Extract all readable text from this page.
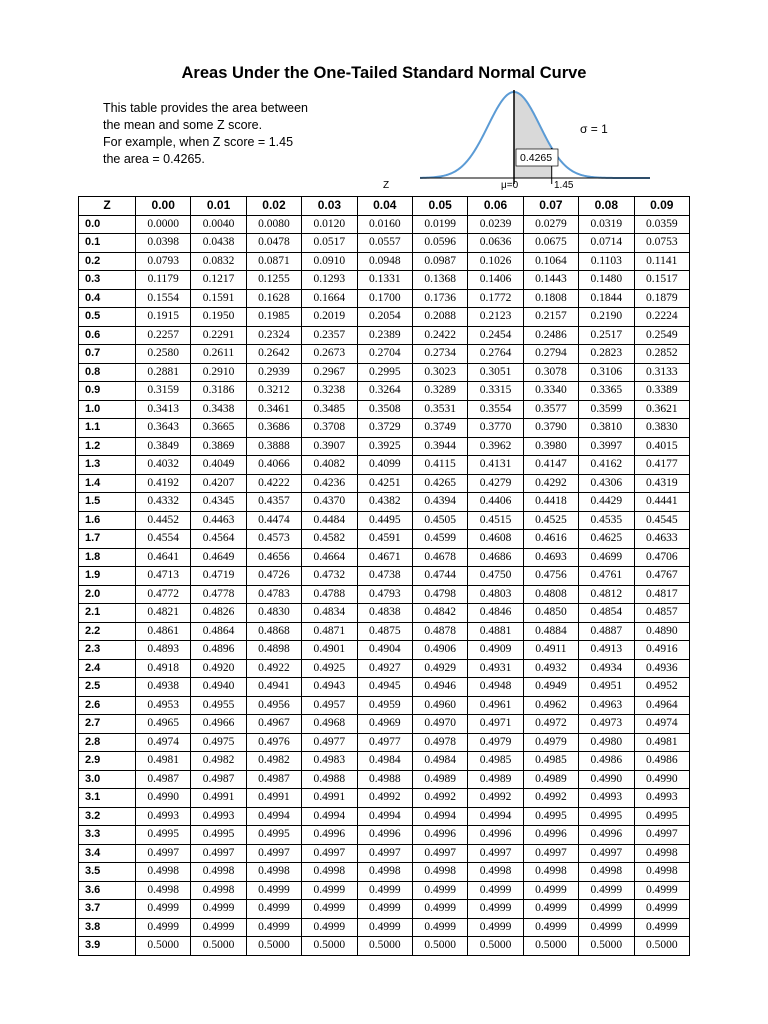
Areas Under the One-Tailed Standard Normal Curve
This table provides the area between
the mean and some Z score.
For example, when Z score = 1.45
the area = 0.4265.
σ = 1
0.4265
Z	μ=0	1.45
Z	0.00	0.01	0.02	0.03	0.04	0.05	0.06	0.07	0.08	0.09
0.0	0.0000	0.0040	0.0080	0.0120	0.0160	0.0199	0.0239	0.0279	0.0319	0.0359
0.1	0.0398	0.0438	0.0478	0.0517	0.0557	0.0596	0.0636	0.0675	0.0714	0.0753
0.2	0.0793	0.0832	0.0871	0.0910	0.0948	0.0987	0.1026	0.1064	0.1103	0.1141
0.3	0.1179	0.1217	0.1255	0.1293	0.1331	0.1368	0.1406	0.1443	0.1480	0.1517
0.4	0.1554	0.1591	0.1628	0.1664	0.1700	0.1736	0.1772	0.1808	0.1844	0.1879
0.5	0.1915	0.1950	0.1985	0.2019	0.2054	0.2088	0.2123	0.2157	0.2190	0.2224
0.6	0.2257	0.2291	0.2324	0.2357	0.2389	0.2422	0.2454	0.2486	0.2517	0.2549
0.7	0.2580	0.2611	0.2642	0.2673	0.2704	0.2734	0.2764	0.2794	0.2823	0.2852
0.8	0.2881	0.2910	0.2939	0.2967	0.2995	0.3023	0.3051	0.3078	0.3106	0.3133
0.9	0.3159	0.3186	0.3212	0.3238	0.3264	0.3289	0.3315	0.3340	0.3365	0.3389
1.0	0.3413	0.3438	0.3461	0.3485	0.3508	0.3531	0.3554	0.3577	0.3599	0.3621
1.1	0.3643	0.3665	0.3686	0.3708	0.3729	0.3749	0.3770	0.3790	0.3810	0.3830
1.2	0.3849	0.3869	0.3888	0.3907	0.3925	0.3944	0.3962	0.3980	0.3997	0.4015
1.3	0.4032	0.4049	0.4066	0.4082	0.4099	0.4115	0.4131	0.4147	0.4162	0.4177
1.4	0.4192	0.4207	0.4222	0.4236	0.4251	0.4265	0.4279	0.4292	0.4306	0.4319
1.5	0.4332	0.4345	0.4357	0.4370	0.4382	0.4394	0.4406	0.4418	0.4429	0.4441
1.6	0.4452	0.4463	0.4474	0.4484	0.4495	0.4505	0.4515	0.4525	0.4535	0.4545
1.7	0.4554	0.4564	0.4573	0.4582	0.4591	0.4599	0.4608	0.4616	0.4625	0.4633
1.8	0.4641	0.4649	0.4656	0.4664	0.4671	0.4678	0.4686	0.4693	0.4699	0.4706
1.9	0.4713	0.4719	0.4726	0.4732	0.4738	0.4744	0.4750	0.4756	0.4761	0.4767
2.0	0.4772	0.4778	0.4783	0.4788	0.4793	0.4798	0.4803	0.4808	0.4812	0.4817
2.1	0.4821	0.4826	0.4830	0.4834	0.4838	0.4842	0.4846	0.4850	0.4854	0.4857
2.2	0.4861	0.4864	0.4868	0.4871	0.4875	0.4878	0.4881	0.4884	0.4887	0.4890
2.3	0.4893	0.4896	0.4898	0.4901	0.4904	0.4906	0.4909	0.4911	0.4913	0.4916
2.4	0.4918	0.4920	0.4922	0.4925	0.4927	0.4929	0.4931	0.4932	0.4934	0.4936
2.5	0.4938	0.4940	0.4941	0.4943	0.4945	0.4946	0.4948	0.4949	0.4951	0.4952
2.6	0.4953	0.4955	0.4956	0.4957	0.4959	0.4960	0.4961	0.4962	0.4963	0.4964
2.7	0.4965	0.4966	0.4967	0.4968	0.4969	0.4970	0.4971	0.4972	0.4973	0.4974
2.8	0.4974	0.4975	0.4976	0.4977	0.4977	0.4978	0.4979	0.4979	0.4980	0.4981
2.9	0.4981	0.4982	0.4982	0.4983	0.4984	0.4984	0.4985	0.4985	0.4986	0.4986
3.0	0.4987	0.4987	0.4987	0.4988	0.4988	0.4989	0.4989	0.4989	0.4990	0.4990
3.1	0.4990	0.4991	0.4991	0.4991	0.4992	0.4992	0.4992	0.4992	0.4993	0.4993
3.2	0.4993	0.4993	0.4994	0.4994	0.4994	0.4994	0.4994	0.4995	0.4995	0.4995
3.3	0.4995	0.4995	0.4995	0.4996	0.4996	0.4996	0.4996	0.4996	0.4996	0.4997
3.4	0.4997	0.4997	0.4997	0.4997	0.4997	0.4997	0.4997	0.4997	0.4997	0.4998
3.5	0.4998	0.4998	0.4998	0.4998	0.4998	0.4998	0.4998	0.4998	0.4998	0.4998
3.6	0.4998	0.4998	0.4999	0.4999	0.4999	0.4999	0.4999	0.4999	0.4999	0.4999
3.7	0.4999	0.4999	0.4999	0.4999	0.4999	0.4999	0.4999	0.4999	0.4999	0.4999
3.8	0.4999	0.4999	0.4999	0.4999	0.4999	0.4999	0.4999	0.4999	0.4999	0.4999
3.9	0.5000	0.5000	0.5000	0.5000	0.5000	0.5000	0.5000	0.5000	0.5000	0.5000
